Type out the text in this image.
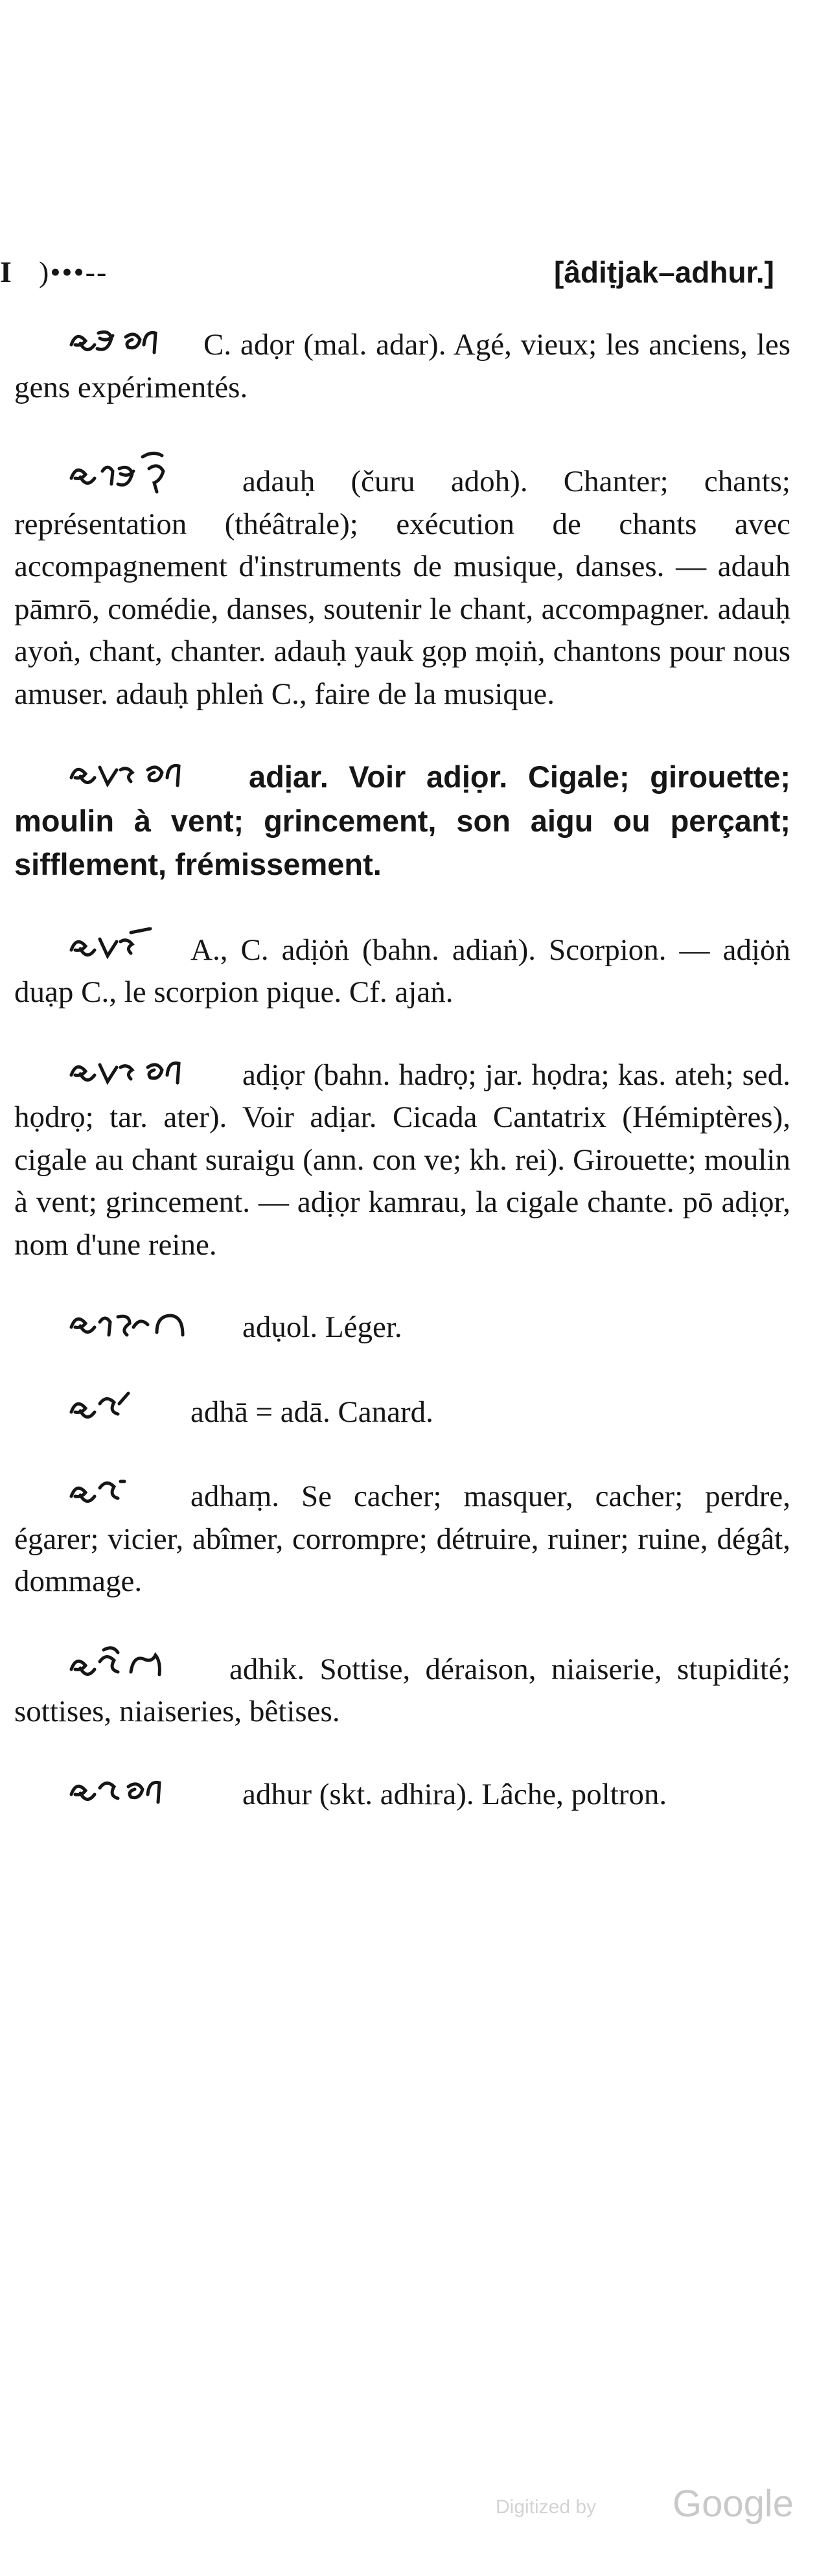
I )•••--	[âdiṭjak–adhur.]

C. adọr (mal. adar). Agé, vieux; les anciens, les gens expérimentés.

adauḥ (čuru adoh). Chanter; chants; représentation (théâtrale); exécution de chants avec accompagnement d'instruments de musique, danses. — adauh pāmrō, comédie, danses, soutenir le chant, accompagner. adauḥ ayoṅ, chant, chanter. adauḥ yauk gọp mọiṅ, chantons pour nous amuser. adauḥ phleṅ C., faire de la musique.

adịar. Voir adịọr. Cigale; girouette; moulin à vent; grincement, son aigu ou perçant; sifflement, frémissement.

A., C. adịȯṅ (bahn. adiaṅ). Scorpion. — adịȯṅ duạp C., le scorpion pique. Cf. ajaṅ.

adịọr (bahn. hadrọ; jar. họdra; kas. ateh; sed. họdrọ; tar. ater). Voir adịar. Cicada Cantatrix (Hémiptères), cigale au chant suraigu (ann. con ve; kh. rei). Girouette; moulin à vent; grincement. — adịọr kamrau, la cigale chante. pō adịọr, nom d'une reine.

adụol. Léger.

adhā = adā. Canard.

adhaṃ. Se cacher; masquer, cacher; perdre, égarer; vicier, abîmer, corrompre; détruire, ruiner; ruine, dégât, dommage.

adhik. Sottise, déraison, niaiserie, stupidité; sottises, niaiseries, bêtises.

adhur (skt. adhira). Lâche, poltron.

Digitized by Google
